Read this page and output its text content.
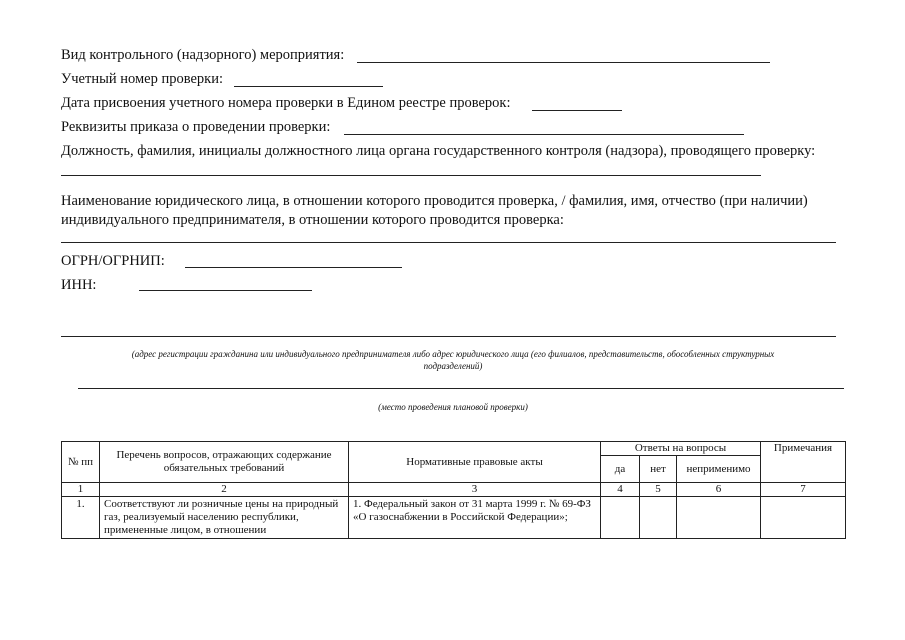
Вид контрольного (надзорного) мероприятия:
Учетный номер проверки:
Дата присвоения учетного номера проверки в Едином реестре проверок:
Реквизиты приказа о проведении проверки:
Должность, фамилия, инициалы должностного лица органа государственного контроля (надзора), проводящего проверку:
Наименование юридического лица, в отношении которого проводится проверка, / фамилия, имя, отчество (при наличии)
индивидуального предпринимателя, в отношении которого проводится проверка:
ОГРН/ОГРНИП:
ИНН:
(адрес регистрации гражданина или индивидуального предпринимателя либо адрес юридического лица (его филиалов, представительств, обособленных структурных
подразделений)
(место проведения плановой проверки)
№ пп	Перечень вопросов, отражающих содержание обязательных требований	Нормативные правовые акты	Ответы на вопросы			Примечания
			да	нет	неприменимо	
1	2	3	4	5	6	7
1.	Соответствуют ли розничные цены на природный газ, реализуемый населению республики, примененные лицом, в отношении	1. Федеральный закон от 31 марта 1999 г. № 69-ФЗ «О газоснабжении в Российской Федерации»;				
